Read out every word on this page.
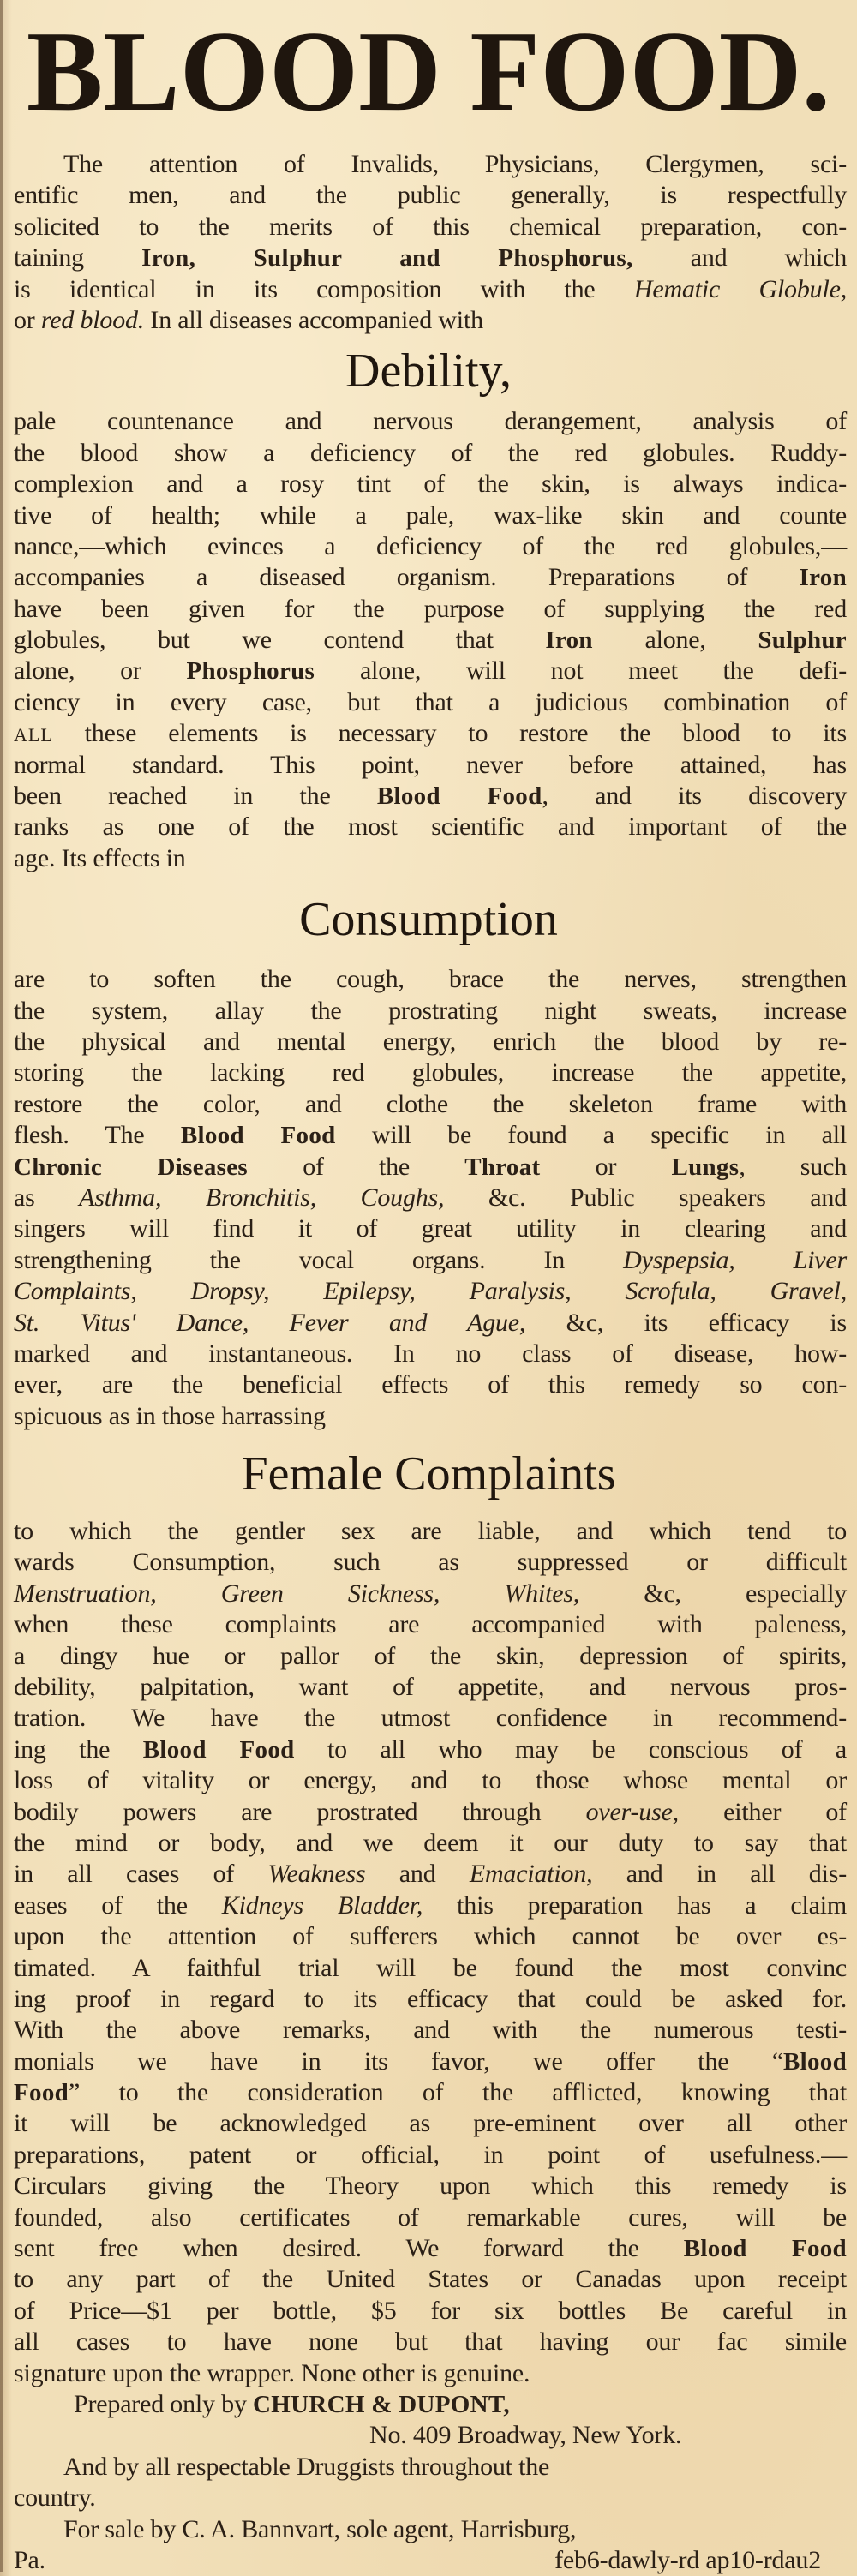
BLOOD FOOD.
The attention of Invalids, Physicians, Clergymen, sci-
entific men, and the public generally, is respectfully
solicited to the merits of this chemical preparation, con-
taining Iron, Sulphur and Phosphorus, and which
is identical in its composition with the Hematic Globule,
or red blood. In all diseases accompanied with
Debility,
pale countenance and nervous derangement, analysis of
the blood show a deficiency of the red globules. Ruddy-
complexion and a rosy tint of the skin, is always indica-
tive of health; while a pale, wax-like skin and counte
nance,—which evinces a deficiency of the red globules,—
accompanies a diseased organism. Preparations of Iron
have been given for the purpose of supplying the red
globules, but we contend that Iron alone, Sulphur
alone, or Phosphorus alone, will not meet the defi-
ciency in every case, but that a judicious combination of
ALL these elements is necessary to restore the blood to its
normal standard. This point, never before attained, has
been reached in the Blood Food, and its discovery
ranks as one of the most scientific and important of the
age. Its effects in
Consumption
are to soften the cough, brace the nerves, strengthen
the system, allay the prostrating night sweats, increase
the physical and mental energy, enrich the blood by re-
storing the lacking red globules, increase the appetite,
restore the color, and clothe the skeleton frame with
flesh. The Blood Food will be found a specific in all
Chronic Diseases of the Throat or Lungs, such
as Asthma, Bronchitis, Coughs, &c. Public speakers and
singers will find it of great utility in clearing and
strengthening the vocal organs. In Dyspepsia, Liver
Complaints, Dropsy, Epilepsy, Paralysis, Scrofula, Gravel,
St. Vitus' Dance, Fever and Ague, &c, its efficacy is
marked and instantaneous. In no class of disease, how-
ever, are the beneficial effects of this remedy so con-
spicuous as in those harrassing
Female Complaints
to which the gentler sex are liable, and which tend to
wards Consumption, such as suppressed or difficult
Menstruation, Green Sickness, Whites, &c, especially
when these complaints are accompanied with paleness,
a dingy hue or pallor of the skin, depression of spirits,
debility, palpitation, want of appetite, and nervous pros-
tration. We have the utmost confidence in recommend-
ing the Blood Food to all who may be conscious of a
loss of vitality or energy, and to those whose mental or
bodily powers are prostrated through over-use, either of
the mind or body, and we deem it our duty to say that
in all cases of Weakness and Emaciation, and in all dis-
eases of the Kidneys Bladder, this preparation has a claim
upon the attention of sufferers which cannot be over es-
timated. A faithful trial will be found the most convinc
ing proof in regard to its efficacy that could be asked for.
With the above remarks, and with the numerous testi-
monials we have in its favor, we offer the “Blood
Food” to the consideration of the afflicted, knowing that
it will be acknowledged as pre-eminent over all other
preparations, patent or official, in point of usefulness.—
Circulars giving the Theory upon which this remedy is
founded, also certificates of remarkable cures, will be
sent free when desired. We forward the Blood Food
to any part of the United States or Canadas upon receipt
of Price—$1 per bottle, $5 for six bottles Be careful in
all cases to have none but that having our fac simile
signature upon the wrapper. None other is genuine.
Prepared only by CHURCH & DUPONT,
No. 409 Broadway, New York.
And by all respectable Druggists throughout the
country.
For sale by C. A. Bannvart, sole agent, Harrisburg,
Pa.	feb6-dawly-rd ap10-rdau2
